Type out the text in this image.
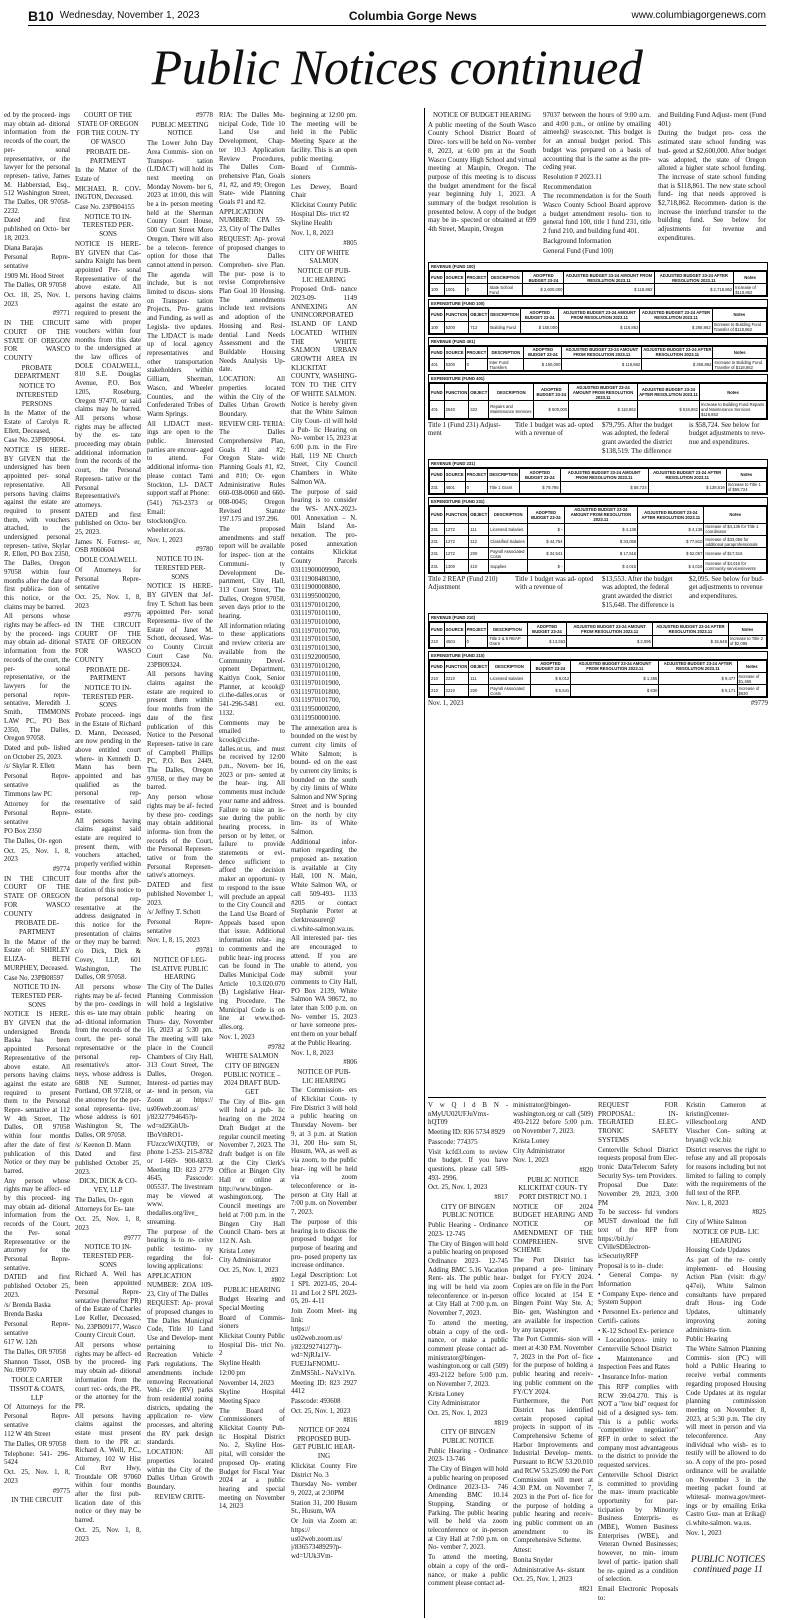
B10 Wednesday, November 1, 2023	Columbia Gorge News	www.columbiagorgenews.com
Public Notices continued

ed by the proceed- ings may obtain ad- ditional information from the records of the court, the per- sonal representative, or the lawyer for the personal represen- tative, James M. Habberstad, Esq., 512 Washington Street, The Dalles, OR 97058-2232.

Dated and first published on Octo- ber 18, 2023.

Diana Barajas

Personal Repre- sentative

1909 Mt. Hood Street

The Dalles, OR 97058

Oct. 18, 25, Nov. 1, 2023

#9771

IN THE CIRCUIT COURT OF THE STATE OF OREGON FOR WASCO COUNTY

PROBATE DEPARTMENT

NOTICE TO INTERESTED PERSONS

In the Matter of the Estate of Carolyn R. Ellett, Deceased,

Case No. 23PB09064.

NOTICE IS HERE- BY GIVEN that the undersigned has been appointed per- sonal representative. All persons having claims against the estate are required to present them, with vouchers attached, to the undersigned personal represen- tative, Skylar R. Ellett, PO Box 2350, The Dalles, Oregon 97058 within four months after the date of first publica- tion of this notice, or the claims may be barred.

All persons whose rights may be affect- ed by the proceed- ings may obtain ad- ditional information from the records of the court, the per- sonal representative, or the lawyers for the personal repre- sentative, Meredith J. Smith, TIMMONS LAW PC, PO Box 2350, The Dalles, Oregon 97058.

Dated and pub- lished on October 25, 2023.

/s/ Skylar R. Ellett

Personal Repre- sentative

Timmons law PC

Attorney for the Personal Repre- sentative

PO Box 2350

The Dalles, Or- egon

Oct. 25, Nov. 1, 8, 2023

#9774

IN THE CIRCUIT COURT OF THE STATE OF OREGON FOR WASCO COUNTY

PROBATE DE- PARTMENT

In the Matter of the Estate of: SHIRLEY ELIZA- BETH MURPHEY, Deceased.

Case No. 23PB08597

NOTICE TO IN- TERESTED PER- SONS

NOTICE IS HERE- BY GIVEN that the undersigned Brenda Baska has been appointed Personal Representative of the above estate. All persons having claims against the estate are required to present them to the Personal Repre- sentative at 112 W 4th Street, The Dalles, OR 97058 within four months after the date of first publication of this Notice or they may be barred.

Any person whose rights may be affect- ed by this proceed- ing may obtain ad- ditional information from the records of the Court, the Per- sonal Representative or the attorney for the Personal Repre- sentative.

DATED and first published October 25, 2023.

/s/ Brenda Baska

Brenda Baska

Personal Repre- sentative

617 W. 12th

The Dalles, OR 97058

Shannon Tissot, OSB No. 090770

TOOLE CARTER TISSOT & COATS, LLP

Of Attorneys for the Personal Repre- sentative

112 W 4th Street

The Dalles, OR 97058

Telephone: 541- 296-5424

Oct. 25, Nov. 1, 8, 2023

#9775

IN THE CIRCUIT

COURT OF THE STATE OF OREGON

FOR THE COUN- TY OF WASCO

PROBATE DE- PARTMENT

In the Matter of the Estate of

MICHAEL R. COV- INGTON, Deceased.

Case No. 23PB04155

NOTICE TO IN- TERESTED PER- SONS

NOTICE IS HERE- BY GIVEN that Cas- sandra Knight has been appointed Per- sonal Representative of the above estate. All persons having claims against the estate are required to present the same with proper vouchers within four months from this date to the undersigned at the law offices of DOLE COALWELL, 810 S.E. Douglas Avenue, P.O. Box 1205, Roseburg, Oregon 97470, or said claims may be barred. All persons whose rights may be affected by the es- tate proceeding may obtain additional information from the records of the court, the Personal Represen- tative or the Personal Representative's attorneys.

DATED and first published on Octo- ber 25, 2023.

James N. Forrest- er, OSB #060604

DOLE COALWELL

Of Attorneys for Personal Repre- sentative

Oct. 25, Nov. 1, 8, 2023

#9776

IN THE CIRCUIT COURT OF THE STATE OF OREGON FOR WASCO COUNTY

PROBATE DE- PARTMENT

NOTICE TO IN- TERESTED PER- SONS

Probate proceed- ings in the Estate of Richard D. Mann, Deceased, are now pending in the above entitled court where- in Kenneth D. Mann has been appointed and has qualified as the personal rep- resentative of said estate.

All persons having claims against said estate are required to present them, with vouchers attached, properly verified within four months after the date of the first pub- lication of this notice to the personal rep- resentative at the address designated in this notice for the presentation of claims or they may be barred: c/o Dick, Dick & Covey, LLP, 601 Washington, The Dalles, OR 97058.

All persons whose rights may be af- fected by the pro- ceedings in this es- tate may obtain ad- ditional information from the records of the court, the per- sonal representative or the personal rep- resentative's attor- neys, whose address is 6808 NE Sumner, Portland, OR 97218, or the attorney for the per- sonal representa- tive, whose address is 601 Washington St, The Dalles, OR 97058.

/s/ Keenon D. Mann

Dated and first published October 25, 2023.

DICK, DICK & CO- VEY, LLP

The Dalles, Or- egon

Attorneys for Es- tate

Oct. 25, Nov. 1, 8, 2023

#9777

NOTICE TO IN- TERESTED PER- SONS

Richard A. Weil has been appointed Personal Repre- sentative (hereafter PR) of the Estate of Charles Lee Keller, Deceased, No. 23PB09177, Wasco County Circuit Court.

All persons whose rights may be affect- ed by the proceed- ing may obtain ad- ditional information from the court rec- ords, the PR, or the attorney for the PR.

All persons having claims against the estate must present them to the PR at: Richard A. Weill, P.C., Attorney, 102 W Hist Col Rvr Hwy, Troutdale OR 97060 within four months after the first pub- lication date of this notice or they may be barred.

Oct. 25, Nov. 1, 8, 2023

#9778

PUBLIC MEETING NOTICE

The Lower John Day Area Commis- sion on Transpor- tation (LJDACT) will hold its next meeting on Monday Novem- ber 6, 2023 at 10:00, this will be a in- person meeting held at the Sherman County Court House, 500 Court Street Moro Oregon. There will also be a telecon- ference option for those that cannot attend in person.

The agenda will include, but is not limited to discus- sions on Transpor- tation Projects, Pro- grams and Funding, as well as Legisla- tive updates. The LJDACT is made up of local agency representatives and other transportation stakeholders within Gilliam, Sherman, Wasco, and Wheeler Counties, and the Confederated Tribes of Warm Springs.

All LJDACT meet- ings are open to the public. Interested parties are encour- aged to attend. For additional informa- tion please contact Tami Stockton, LJ- DACT support staff at Phone:

(541) 763-2373 or Email:

tstockton@co. wheeler.or.us.

Nov. 1, 2023

#9780

NOTICE TO IN- TERESTED PER- SONS

NOTICE IS HERE- BY GIVEN that Jef- frey T. Schott has been appointed Per- sonal Representa- tive of the Estate of Janet M. Schott, deceased, Was- co County Circuit Court Case No. 23PB09324.

All persons having claims against the estate are required to present them within four months from the date of the first publication of this Notice to the Personal Represen- tative in care of Campbell Phillips PC, P.O. Box 2449, The Dalles, Oregon 97058, or they may be barred.

Any person whose rights may be af- fected by these pro- ceedings may obtain additional informa- tion from the records of the Court, the Personal Represen- tative or from the Personal Represen- tative's attorneys.

DATED and first published November 1, 2023.

/s/ Jeffrey T. Schott

Personal Repre- sentative

Nov. 1, 8, 15, 2023

#9781

NOTICE OF LEG- ISLATIVE PUBLIC HEARING

The City of The Dalles Planning Commission will hold a legislative public hearing on Thurs- day, November 16, 2023 at 5:30 pm. The meeting will take place in the Council Chambers of City Hall, 313 Court Street, The Dalles, Oregon. Interest- ed parties may at- tend in person, via Zoom at https:// us06web.zoom.us/ j/82327794645?p- wd=td2lGhUb- IBoVthRO1- FUzczcWtXQT09, or phone 1-253- 215-8782 or 1-669- 900-6833. Meeting ID: 823 2779 4645, Passcode: 005537. The livestream may be viewed at www. thedalles.org/live_ streaming.

The purpose of the hearing is to re- ceive public testimo- ny regarding the fol- lowing applications:

APPLICATION NUMBER: ZOA 109- 23, City of The Dalles

REQUEST: Ap- proval of proposed changes to The Dalles Municipal Code, Title 10 Land Use and Develop- ment pertaining to Recreation Vehicle Park regulations. The amendments include removing Recreational Vehi- cle (RV) parks from residential zoning districts, updating the application re- view processes, and altering the RV park design standards.

LOCATION: All properties located within the City of the Dalles Urban Growth Boundary.

REVIEW CRITE-

RIA: The Dalles Mu- nicipal Code, Title 10 Land Use and Development, Chap- ter 10.3 Application Review Procedures, The Dalles Com- prehensive Plan, Goals #1, #2, and #9; Oregon State- wide Planning Goals #1 and #2.

APPLICATION NUMBER: CPA 59- 23, City of The Dalles

REQUEST: Ap- proval of proposed changes to The Dalles Comprehen- sive Plan. The pur- pose is to revise Comprehensive Plan Goal 10 Housing. The amendments include text revisions and adoption of the Housing and Resi- dential Land Needs Assessment and the Buildable Housing Needs Analysis Up- date.

LOCATION: All properties located within the City of the Dalles Urban Growth Boundary.

REVIEW CRI- TERIA: The Dalles Comprehensive Plan, Goals #1 and #2; Oregon State- wide Planning Goals #1, #2, and #10; Or- egon Administrative Rules 660-038-0060 and 660-008-0045; Oregon Revised Statute 197.175 and 197.296.

The proposed amendments and staff report will be available for inspec- tion at the Communi- ty Development De- partment, City Hall, 313 Court Street, The Dalles, Oregon 97058, seven days prior to the hearing.

All information relating to these applications and review criteria are available from the Community Devel- opment Department, Kaitlyn Cook, Senior Planner, at kcook@ ci.the-dalles.or.us or 541-296-5481 ext. 1132.

Comments may be emailed to kcook@ci.the- dalles.or.us, and must be received by 12:00 p.m., Novem- ber 16, 2023 or pre- sented at the hear- ing. All comments must include your name and address. Failure to raise an is- sue during the public hearing process, in person or by letter, or failure to provide statements or evi- dence sufficient to afford the decision maker an opportuni- ty to respond to the issue will preclude an appeal to the City Council and the Land Use Board of Appeals based upon that issue. Additional information relat- ing to comments and the public hear- ing process can be found in The Dalles Municipal Code Article 10.3.020.070 (B) Legislative Hear- ing Procedure. The Municipal Code is on line at www.thed- alles.org.

Nov. 1, 2023

#9782

WHITE SALMON

CITY OF BINGEN PUBLIC NOTICE – 2024 DRAFT BUD- GET

The City of Bin- gen will hold a pub- lic hearing on the 2024 Draft Budget at the regular council meeting November 7, 2023. The draft budget is on file at the City Clerk's Office at Bingen City Hall or online at http://www.bingen- washington.org. The Council meetings are held at 7:00 p.m. in the Bingen City Hall Council Cham- bers at 112 N. Ash.

Krista Loney

City Administrator

Oct. 25, Nov. 1, 2023

#802

PUBLIC HEARING

Budget Hearing and Special Meeting

Board of Commis- sioners

Klickitat County Public Hospital Dis- trict No. 2

Skyline Health

12:00 pm

November 14, 2023

Skyline Hospital Meeting Space

The Board of Commissioners of Klickitat County Pub- lic Hospital District No. 2, Skyline Hos- pital, will consider the proposed Op- erating Budget for Fiscal Year 2024 at a public hearing and special meeting on November 14, 2023

beginning at 12:00 pm. The meeting will be held in the Public Meeting Space at the facility. This is an open public meeting.

Board of Commis- sioners

Les Dewey, Board Chair

Klickitat County Public Hospital Dis- trict #2

Skyline Health

Nov. 1, 8, 2023

#805

CITY OF WHITE SALMON

NOTICE OF PUB- LIC HEARING

Proposed Ordi- nance 2023-09- 1149 ANNEXING AN UNINCORPORATED ISLAND OF LAND LOCATED WITHIN THE WHITE SALMON URBAN GROWTH AREA IN KLICKITAT COUNTY, WASHING- TON TO THE CITY OF WHITE SALMON.

Notice is hereby given that the White Salmon City Coun- cil will hold a Pub- lic Hearing on No- vember 15, 2023 at 6:00 p.m. in the Fire Hall, 119 NE Church Street, City Council Chambers in White Salmon WA.

The purpose of said hearing is to consider the WS- ANX-2023-001 Annexation – N. Main Island An- nexation. The pro- posed annexation contains Klickitat County Parcels 03111900009900, 03111908480300, 03111900008800, 03111995000200, 03111970101200, 03111970101100, 03111970101000, 03111970101700, 03111970101500, 03111970101300, 03111922000500, 03111970101200, 03111970101100, 03111970101900, 03111970101800, 03111970101700, 03111950000200, 03111950000100.

The annexation area is bounded on the west by current city limits of White Salmon; is bound- ed on the east by current city limits; is bounded on the south by city limits of White Salmon and NW Spring Street and is bounded on the north by city lim- its of White Salmon.

Additional infor- mation regarding the proposed an- nexation is available at City Hall, 100 N. Main, White Salmon WA, or call 509-493- 1133 #205 or contact Stephanie Porter at clerktreasurer@ ci.white-salmon.wa.us.

All interested par- ties are encouraged to attend. If you are unable to attend, you may submit your comments to City Hall, PO Box 2139, White Salmon WA 98672, no later than 5:00 p.m. on No- vember 15, 2023 or have someone pres- ent them on your behalf at the Public Hearing.

Nov. 1, 8, 2023

#806

NOTICE OF PUB- LIC HEARING

The Commission- ers of Klickitat Coun- ty Fire District 3 will hold a public hearing on Thursday Novem- ber 9, at 3 p.m. at Station 31, 200 Hu- sum St, Husum, WA, as well as via zoom, to the public hear- ing will be held via zoom teleconference or in-person at City Hall at 7:00 p.m. on November 7, 2023.

The purpose of this hearing is to discuss the proposed budget for purpose of hearing and pro- posed property tax increase ordinance.

Legal Description: Lot 1 SPL 2023-05, 20-4-11 and Lot 2 SPL 2023-05, 20- 4-11

Join Zoom Meet- ing link:

https:// us02web.zoom.us/ j/82329274127?p- wd=NjRJa1V- FUEJJaFNOMU- ZmMS5hL- NaVx1Vn.

Meeting ID: 823 2927 4412

Passcode: 493608

Oct. 25, Nov. 1, 2023

#816

NOTICE OF 2024 PROPOSED BUD- GET PUBLIC HEAR- ING

Klickitat County Fire District No. 3

Thursday No- vember 9, 2022, at 2:30PM

Station 31, 200 Husum St., Husum, WA

Or Join via Zoom at: https:// us02web.zoom.us/ j/83657348929?p- wd=UUk3Vm-

NOTICE OF BUDGET HEARING

A public meeting of the South Wasco County School District Board of Direc- tors will be held on No- vember 8, 2023, at 6:00 pm at the South Wasco County High School and virtual meeting at Maupin, Oregon. The purpose of this meeting is to discuss the budget amendment for the fiscal year beginning July 1, 2023. A summary of the budget resolution is presented below. A copy of the budget may be in- spected or obtained at 699 4th Street, Maupin, Oregon

97037 between the hours of 9:00 a.m. and 4:00 p.m., or online by emailing aimeeh@ swasco.net. This budget is for an annual budget period. This budget was prepared on a basis of accounting that is the same as the pre- ceding year.

Resolution # 2023.11

Recommendation

The recommendation is for the South Wasco County School Board approve a budget amendment resolu- tion to general fund 100, title 1 fund 231, title 2 fund 210, and building fund 401.

Background Information

General Fund (Fund 100)

and Building Fund Adjust- ment (Fund 401)

During the budget pro- cess the estimated state school funding was bud- geted at $2,600,000. After budget was adopted, the state of Oregon alloted a higher state school funding. The increase of state school funding that is $118,861. The new state school fund- ing that needs approved is $2,718,862. Recommen- dation is the increase the interfund transfer to the building fund. See below for adjustments for revenue and expenditures.

V w Q l d B N - nMyUU02UFJuVmx- hQT09

Meeting ID: 836 5734 8929

Passcode: 774375

Visit kcfd3.com to review the budget. If you have questions, please call 509-493- 2996.

Oct. 25, Nov. 1, 2023

#817

CITY OF BINGEN PUBLIC NOTICE

Public Hearing - Ordinance 2023- 12-745

The City of Bingen will hold a public hearing on proposed Ordinance 2023- 12-745 Adding BMC 5.16 Vacation Rent- als. The public hear- ing will be held via zoom teleconference or in-person at City Hall at 7:00 p.m. on November 7, 2023.

To attend the meeting, obtain a copy of the ordi- nance, or make a public comment please contact ad- ministrator@bingen- washington.org or call (509) 493-2122 before 5:00 p.m. on November 7, 2023.

Krista Loney

City Administrator

Oct. 25, Nov. 1, 2023

#819

CITY OF BINGEN PUBLIC NOTICE

Public Hearing - Ordinance 2023- 13-746

The City of Bingen will hold a public hearing on proposed Ordinance 2023-13- 746 Amending BMC 10.14 Stopping, Standing or Parking. The public hearing will be held via zoom teleconference or in-person at City Hall at 7:00 p.m. on No- vember 7, 2023.

To attend the meeting, obtain a copy of the ordi- nance, or make a public comment please contact ad-

ministrator@bingen- washington.org or call (509) 493-2122 before 5:00 p.m. on November 7, 2023.

Krista Loney

City Administrator

Nov. 1, 2023

#820

PUBLIC NOTICE KLICKITAT COUN- TY PORT DISTRICT NO. 1

NOTICE OF 2024 BUDGET HEARING AND NOTICE OF AMENDMENT OF THE COMPREHEN- SIVE SCHEME

The Port District has prepared a pre- liminary budget for FY/CY 2024. Copies are on file in the Port office located at 154 E Bingen Point Way Ste. A; Bin- gen, Washington and are available for inspection by any taxpayer.

The Port Commis- sion will meet at 4:30 P.M. November 7, 2023 in the Port of- fice for the purpose of holding a public hearing and receiv- ing public comment on the FY/CY 2024.

Furthermore, the Port District has identified certain proposed capital projects in support of its Comprehensive Scheme of Harbor Improvements and Industrial Develop- ments. Pursuant to RCW 53.20.010 and RCW 53.25.090 the Port Commission will meet at 4:30 P.M. on November 7, 2023 in the Port of- fice for the purpose of holding a public hearing and receiv- ing public comment on an amendment to its Comprehensive Scheme.

Attest:

Bonita Snyder

Administrative As- sistant

Oct. 25, Nov. 1, 2023

#821

REQUEST FOR PROPOSAL: IN- TEGRATED ELEC- TRONIC SAFETY SYSTEMS

Centerville School District requests proposal from Elec- tronic Data/Telecom Safety Security Sys- tem Providers.

Proposal Due Date: November 29, 2023, 3:00 PM

To be success- ful vendors MUST download the full text of the RFP from https://bit.ly/ CVilleSDElectron- icSecurityRFP

Proposal is to in- clude:

• General Compa- ny Information

• Company Expe- rience and System Support

• Personnel Ex- perience and Certifi- cations

• K-12 School Ex- perience

• Location/prox- imity to Centerville School District

• Maintenance and Inspection Fees and Rates

• Insurance Infor- mation

This RFP complies with RCW 39.04.270. This is NOT a "low bid" request for bid of a designed sys- tem. This is a public works "competitive negotiation" RFP in order to select the company most advantageous to the district to provide the requested services.

Centerville School District is committed to providing the max- imum practicable opportunity for par- ticipation by Minority Business Enterpris- es (MBE), Women Business Enterprises (WBE), and Veteran Owned Businesses; however, no min- imum level of partic- ipation shall be re- quired as a condition of selection.

Email Electronic Proposals to:

Kristin Cameron at kristin@center- villeschool.org AND Visscher Con- sulting at bryan@ vclc.biz

District reserves the right to refuse any and all proposals for reasons including but not limited to failing to comply with the requirements of the full text of the RFP.

Nov. 1, 8, 2023

#825

City of White Salmon

NOTICE OF PUB- LIC HEARING

Housing Code Updates

As part of the re- cently implement- ed Housing Action Plan (visit: rb.gy/ q47ei), White Salmon consultants have prepared draft Hous- ing Code Updates, ultimately improving zoning administra- tion.

Public Hearing

The White Salmon Planning Commis- sion (PC) will hold a Public Hearing to receive verbal comments regarding proposed Housing Code Updates at its regular planning commission meeting on November 8, 2023, at 5:30 p.m. The city will meet in person and via teleconference. Any individual who wish- es to testify will be allowed to do so. A copy of the pro- posed ordinance will be available on November 3 in the meeting packet found at whitesal- monwa.gov/meet- ings or by emailing Erika Castro Guz- man at Erika@ ci.white-salmon. wa.us.

Nov. 1, 2023

REVENUE (FUND 100)
FUND	SOURCE	PROJECT	DESCRIPTION	ADOPTED BUDGET 23-24	ADJUSTED BUDGET 23-24 AMOUNT FROM RESOLUTION 2023.11	ADJUSTED BUDGET 23-24 AFTER RESOLUTION 2023.11	Notes
100	1001	0	State School Fund	$ 2,600,000	$ 118,862	$ 2,718,862	Increase of $118,862
EXPENDITURE (FUND 100)
FUND	FUNCTION	OBJECT	DESCRIPTION	ADOPTED BUDGET 23-24	ADJUSTED BUDGET 23-24 AMOUNT FROM RESOLUTION 2023.11	ADJUSTED BUDGET 23-24 AFTER RESOLUTION 2023.11	Notes
100	5200	712	Building Fund	$ 150,000	$ 118,862	$ 268,862	Increase to Building Fund Transfer of $118,862
REVENUE (FUND 401)
FUND	SOURCE	PROJECT	DESCRIPTION	ADOPTED BUDGET 23-24	ADJUSTED BUDGET 23-24 AMOUNT FROM RESOLUTION 2023.11	ADJUSTED BUDGET 23-24 AFTER RESOLUTION 2023.11	Notes
401	5200	0	Inter Fund Transfers	$ 150,000	$ 118,862	$ 268,862	Increase to Building Fund Transfer of $118,862
EXPENDITURE (FUND 401)
FUND	FUNCTION	OBJECT	DESCRIPTION	ADOPTED BUDGET 23-24	ADJUSTED BUDGET 23-24 AMOUNT FROM RESOLUTION 2023.11	ADJUSTED BUDGET 23-24 AFTER RESOLUTION 2023.11	Notes
401	2540	322	Repairs and Maintenance Services	$ 500,000	$ 118,862	$ 618,862	Increase to Building Fund Repairs and Maintenance Services $118,862
Title 1 (Fund 231) Adjust- ment
Title 1 budget was ad- opted with a revenue of
$79,795. After the budget was adopted, the federal grant awarded the district $138,519. The difference
is $58,724. See below for budget adjustments to reve- nue and expenditures.
REVENUE (FUND 231)
FUND	SOURCE	PROJECT	DESCRIPTION	ADOPTED BUDGET 23-24	ADJUSTED BUDGET 23-24 AMOUNT FROM RESOLUTION 2023.11	ADJUSTED BUDGET 23-24 AFTER RESOLUTION 2023.11	Notes
231	4501	0	Title 1 Grant	$ 79,795	$ 58,724	$ 138,519	Increase to Title 1 of $58,724
EXPENDITURE (FUND 231)
FUND	FUNCTION	OBJECT	DESCRIPTION	ADOPTED BUDGET 23-24	ADJUSTED BUDGET 23-24 AMOUNT FROM RESOLUTION 2023.11	ADJUSTED BUDGET 23-24 AFTER RESOLUTION 2023.11	Notes
231	1272	111	Licensed Salaries	$ -	$ 4,136	$ 4,136	Increase of $4,136 for Title 1 coordinator
231	1272	112	Classified Salaries	$ 44,754	$ 33,056	$ 77,810	Increase of $33,056 for additional paraprofessionals
231	1272	200	Payroll Associated Costs	$ 34,541	$ 17,516	$ 52,057	Increase of $17,516
231	1300	410	Supplies	$ -	$ 4,016	$ 4,016	Increase of $4,016 for community services/events
Title 2 REAP (Fund 210) Adjustment
Title 1 budget was ad- opted with a revenue of
$13,553. After the budget was adopted, the federal grant awarded the district $15,648. The difference is
$2,095. See below for bud- get adjustments to revenue and expenditures.
REVENUE (FUND 210)
FUND	SOURCE	PROJECT	DESCRIPTION	ADOPTED BUDGET 23-24	ADJUSTED BUDGET 23-24 AMOUNT FROM RESOLUTION 2023.11	ADJUSTED BUDGET 23-24 AFTER RESOLUTION 2023.11	Notes
210	4504	0	Title 2 & 5 REAP Grant	$ 13,553	$ 2,095	$ 15,648	Increase to Title 2 of $2,095
EXPENDITURE (FUND 210)
FUND	FUNCTION	OBJECT	DESCRIPTION	ADOPTED BUDGET 23-24	ADJUSTED BUDGET 23-24 AMOUNT FROM RESOLUTION 2023.11	ADJUSTED BUDGET 23-24 AFTER RESOLUTION 2023.11	Notes
210	2210	111	Licensed Salaries	$ 8,012	$ 1,465	$ 9,477	Increase of $1,465
210	2210	200	Payroll Associated Costs	$ 5,541	$ 630	$ 6,171	Increase of $630
Nov. 1, 2023	#9779
PUBLIC NOTICES continued page 11
